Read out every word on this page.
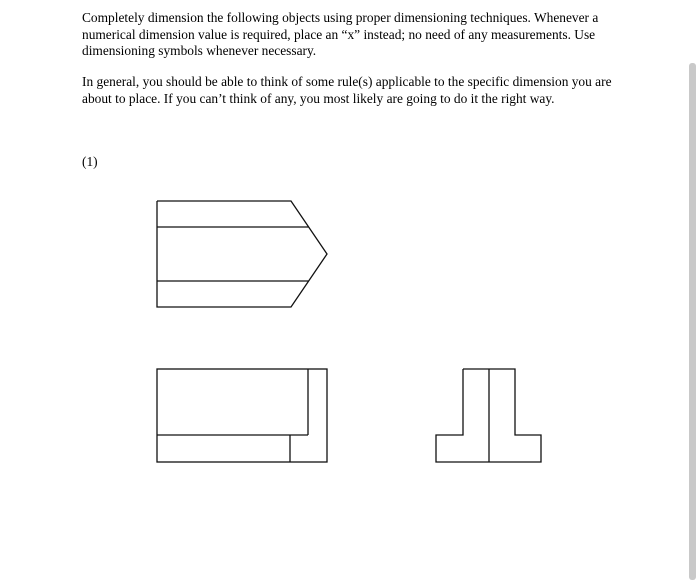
Completely dimension the following objects using proper dimensioning techniques. Whenever a numerical dimension value is required, place an “x” instead; no need of any measurements. Use dimensioning symbols whenever necessary.

In general, you should be able to think of some rule(s) applicable to the specific dimension you are about to place. If you can’t think of any, you most likely are going to do it the right way.

(1)
